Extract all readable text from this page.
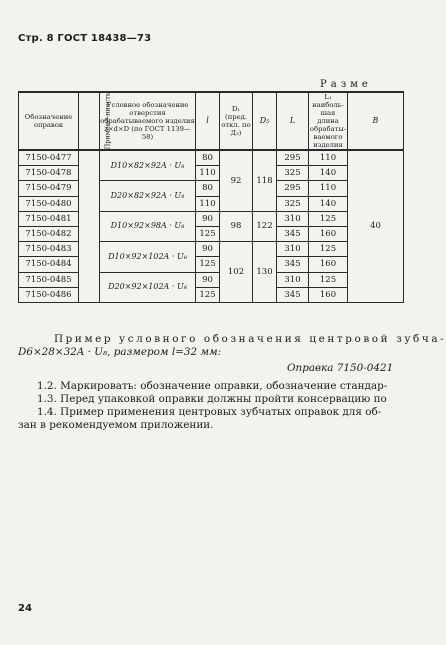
Стр. 8 ГОСТ 18438—73
Разме
Обозначение оправок	Примене-ниесть	Условное обозначение отверстия обрабатываемого изделия z×d×D (по ГОСТ 1139—58)	l	D₁ (пред. откл. по Д₃)	D₅	L	L₁ наиболь-шая длина обрабаты-ваемого изделия	B
7150-0477		D10×82×92A · U₈	80	92	118	295	110	40
7150-0478			110			325	140	
7150-0479		D20×82×92A · U₈	80			295	110	
7150-0480			110			325	140	
7150-0481		D10×92×98A · U₈	90	98	122	310	125	
7150-0482			125			345	160	
7150-0483		D10×92×102A · U₈	90	102	130	310	125	
7150-0484			125			345	160	
7150-0485		D20×92×102A · U₈	90			310	125	
7150-0486			125			345	160	
Пример условного обозначения центровой зубча-
D6×28×32A · U₈, размером l=32 мм:
Оправка 7150-0421
1.2. Маркировать: обозначение оправки, обозначение стандар-
1.3. Перед упаковкой оправки должны пройти консервацию по
1.4. Пример применения центровых зубчатых оправок для об-
зан в рекомендуемом приложении.
24
